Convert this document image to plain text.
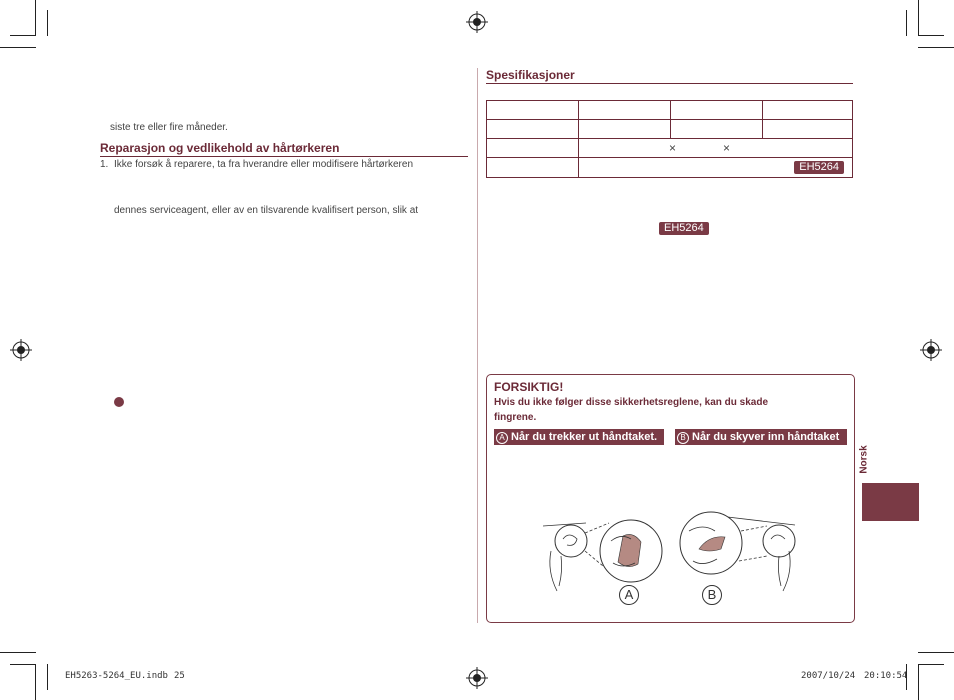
siste tre eller fire måneder.
Reparasjon og vedlikehold av hårtørkeren
1. Ikke forsøk å reparere, ta fra hverandre eller modifisere hårtørkeren
dennes serviceagent, eller av en tilsvarende kvalifisert person, slik at
Spesifikasjoner

	× ×		

	EH5264		
EH5264
FORSIKTIG!
Hvis du ikke følger disse sikkerhetsreglene, kan du skade
fingrene.
A Når du trekker ut håndtaket.	B Når du skyver inn håndtaket
A	B
Norsk
EH5263-5264_EU.indb 25	2007/10/24 20:10:54
